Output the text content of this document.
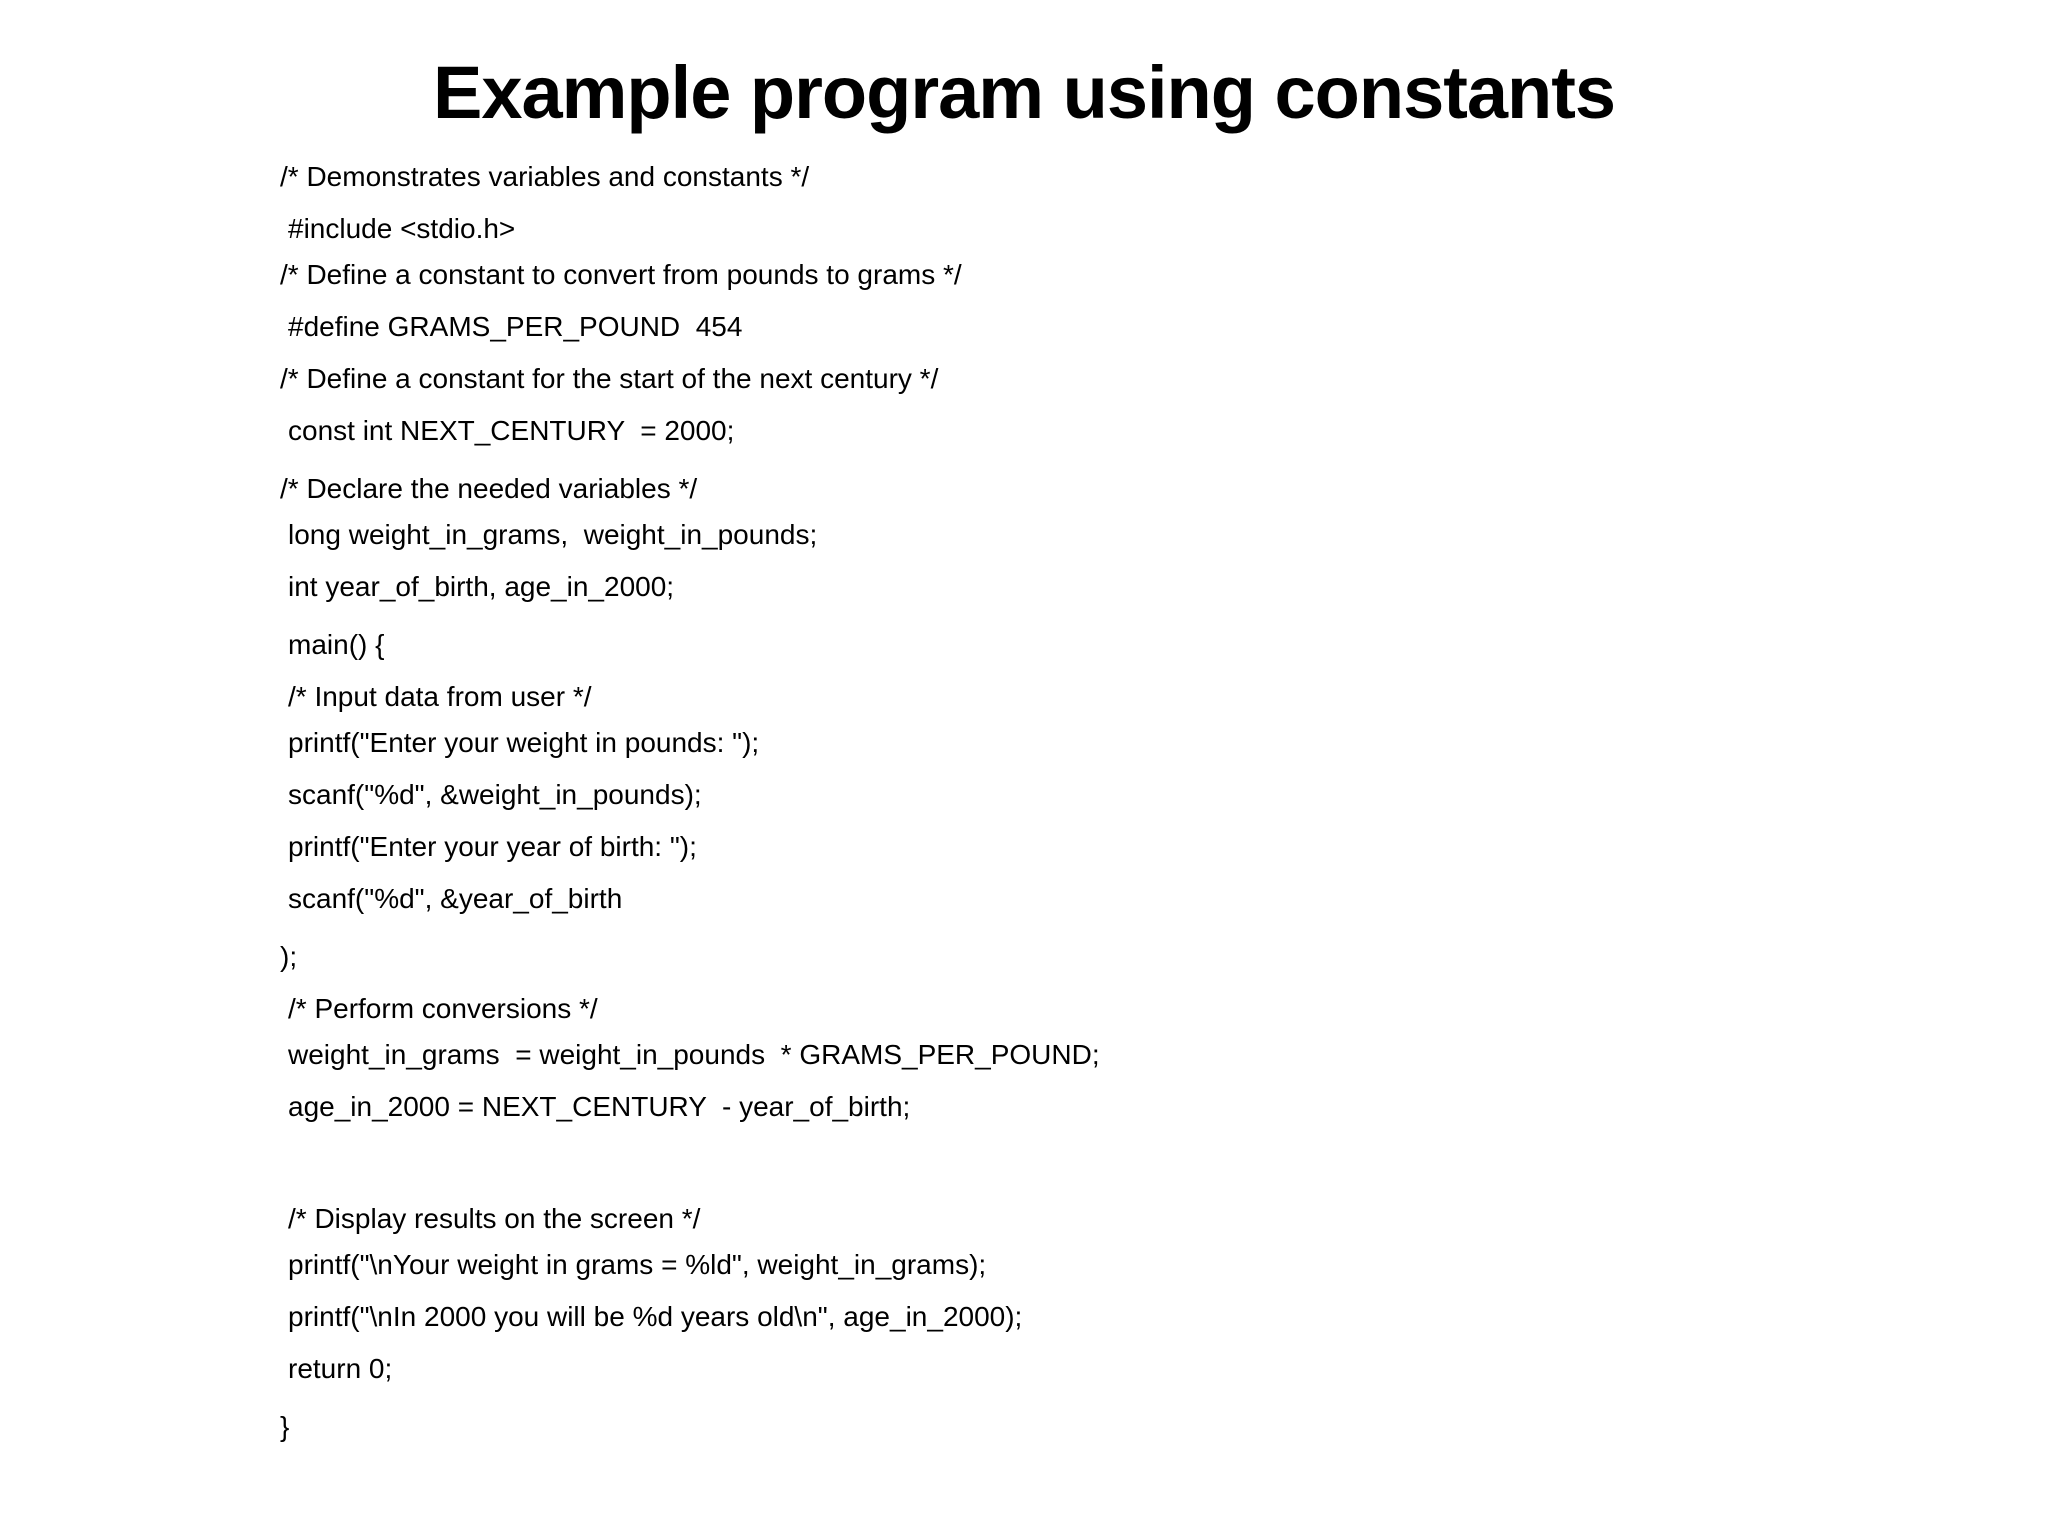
Example program using constants

/* Demonstrates variables and constants */

#include <stdio.h>

/* Define a constant to convert from pounds to grams */

#define GRAMS_PER_POUND  454

/* Define a constant for the start of the next century */

const int NEXT_CENTURY  = 2000;

/* Declare the needed variables */

long weight_in_grams,  weight_in_pounds;

int year_of_birth, age_in_2000;

main() {

/* Input data from user */

printf("Enter your weight in pounds: ");

scanf("%d", &weight_in_pounds);

printf("Enter your year of birth: ");

scanf("%d", &year_of_birth

);

/* Perform conversions */

weight_in_grams  = weight_in_pounds  * GRAMS_PER_POUND;

age_in_2000 = NEXT_CENTURY  - year_of_birth;

/* Display results on the screen */

printf("\nYour weight in grams = %ld", weight_in_grams);

printf("\nIn 2000 you will be %d years old\n", age_in_2000);

return 0;

}
